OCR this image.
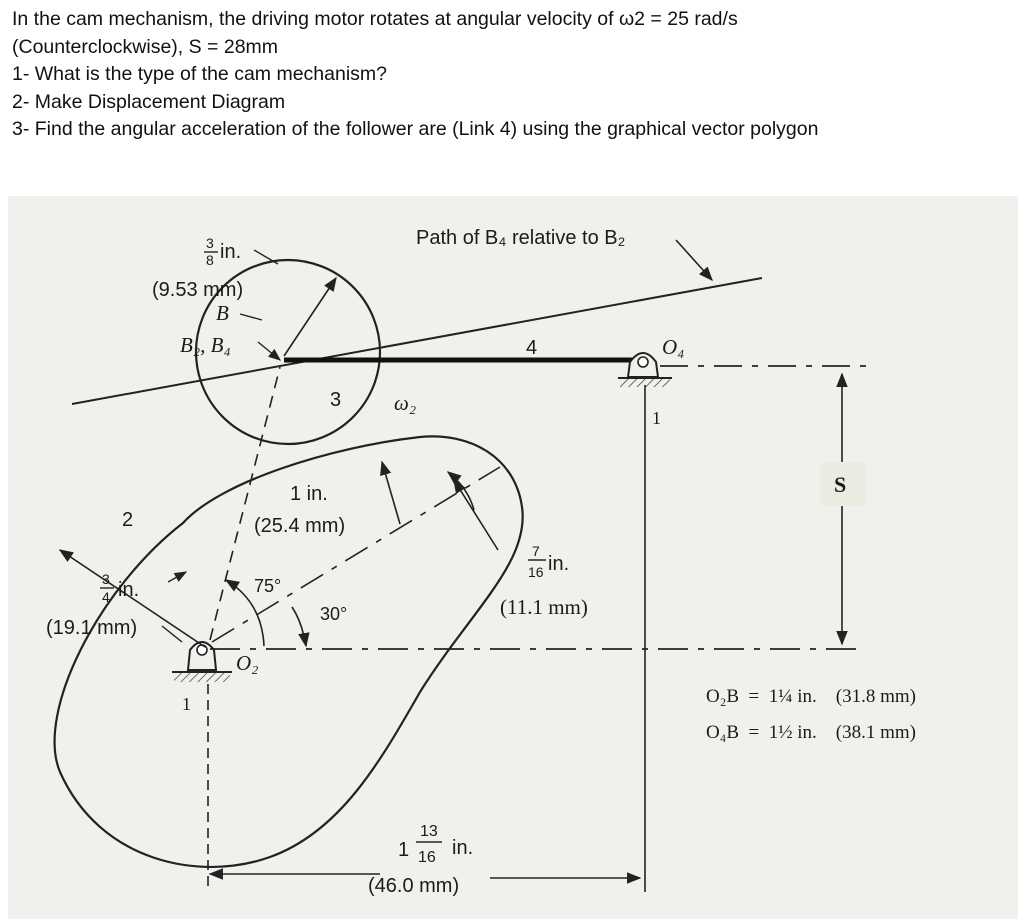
In the cam mechanism, the driving motor rotates at angular velocity of ω2 = 25 rad/s
(Counterclockwise), S = 28mm
1- What is the type of the cam mechanism?
2- Make Displacement Diagram
3- Find the angular acceleration of the follower are (Link 4) using the graphical vector polygon
Path of B₄ relative to B₂
3
8 in.
(9.53 mm)
B
B₂, B₄	4
3
O₄
1
ω₂
S
2
1 in.
(25.4 mm)
7
16 in.
(11.1 mm)
3
4 in.
(19.1 mm)
75°
30°
O₂
1	O₂B  =  1¼ in.    (31.8 mm)
O₄B  =  1½ in.    (38.1 mm)
1
13
16 in.
(46.0 mm)
